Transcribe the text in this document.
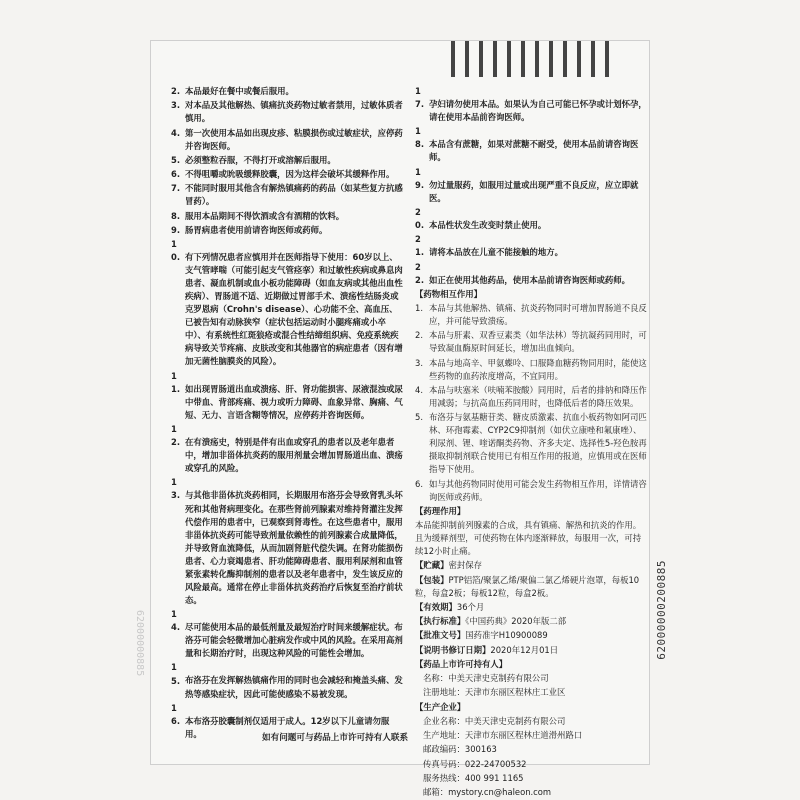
2. 本品最好在餐中或餐后服用。

3. 对本品及其他解热、镇痛抗炎药物过敏者禁用，过敏体质者慎用。

4. 第一次使用本品如出现皮疹、粘膜损伤或过敏症状，应停药并咨询医师。

5. 必须整粒吞服，不得打开或溶解后服用。

6. 不得咀嚼或吮吸缓释胶囊，因为这样会破坏其缓释作用。

7. 不能同时服用其他含有解热镇痛药的药品（如某些复方抗感冒药）。

8. 服用本品期间不得饮酒或含有酒精的饮料。

9. 肠胃病患者使用前请咨询医师或药师。

10. 有下列情况患者应慎用并在医师指导下使用：60岁以上、支气管哮喘（可能引起支气管痉挛）和过敏性疾病或鼻息肉患者、凝血机制或血小板功能障碍（如血友病或其他出血性疾病）、胃肠道不适、近期做过胃部手术、溃疡性结肠炎或克罗恩病（Crohn's disease）、心功能不全、高血压、已被告知有动脉狭窄（症状包括运动时小腿疼痛或小卒中）、有系统性红斑狼疮或混合性结缔组织病、免疫系统疾病导致关节疼痛、皮肤改变和其他器官的病症患者（因有增加无菌性脑膜炎的风险）。

11. 如出现胃肠道出血或溃疡、肝、肾功能损害、尿液混浊或尿中带血、背部疼痛、视力或听力障碍、血象异常、胸痛、气短、无力、言语含糊等情况，应停药并咨询医师。

12. 在有溃疡史，特别是伴有出血或穿孔的患者以及老年患者中，增加非甾体抗炎药的服用剂量会增加胃肠道出血、溃疡或穿孔的风险。

13. 与其他非甾体抗炎药相同，长期服用布洛芬会导致肾乳头坏死和其他肾病理变化。在那些肾前列腺素对维持肾灌注发挥代偿作用的患者中，已观察到肾毒性。在这些患者中，服用非甾体抗炎药可能导致剂量依赖性的前列腺素合成量降低，并导致肾血流降低，从而加剧肾脏代偿失调。在肾功能损伤患者、心力衰竭患者、肝功能障碍患者、服用利尿剂和血管紧张素转化酶抑制剂的患者以及老年患者中，发生该反应的风险最高。通常在停止非甾体抗炎药治疗后恢复至治疗前状态。

14. 尽可能使用本品的最低剂量及最短治疗时间来缓解症状。布洛芬可能会轻微增加心脏病发作或中风的风险。在采用高剂量和长期治疗时，出现这种风险的可能性会增加。

15. 布洛芬在发挥解热镇痛作用的同时也会减轻和掩盖头痛、发热等感染症状，因此可能使感染不易被发现。

16. 本布洛芬胶囊制剂仅适用于成人。12岁以下儿童请勿服用。

17. 孕妇请勿使用本品。如果认为自己可能已怀孕或计划怀孕，请在使用本品前咨询医师。

18. 本品含有蔗糖，如果对蔗糖不耐受，使用本品前请咨询医师。

19. 勿过量服药，如服用过量或出现严重不良反应，应立即就医。

20. 本品性状发生改变时禁止使用。

21. 请将本品放在儿童不能接触的地方。

22. 如正在使用其他药品，使用本品前请咨询医师或药师。

【药物相互作用】

1. 本品与其他解热、镇痛、抗炎药物同时可增加胃肠道不良反应，并可能导致溃疡。

2. 本品与肝素、双香豆素类（如华法林）等抗凝药同用时，可导致凝血酶原时间延长，增加出血倾向。

3. 本品与地高辛、甲氨蝶呤、口服降血糖药物同用时，能使这些药物的血药浓度增高，不宜同用。

4. 本品与呋塞米（呋喃苯胺酸）同用时，后者的排钠和降压作用减弱；与抗高血压药同用时，也降低后者的降压效果。

5. 布洛芬与氨基糖苷类、糖皮质激素、抗血小板药物如阿司匹林、环孢霉素、CYP2C9抑制剂（如伏立康唑和氟康唑）、利尿剂、锂、喹诺酮类药物、齐多夫定、选择性5-羟色胺再摄取抑制剂联合使用已有相互作用的报道，应慎用或在医师指导下使用。

6. 如与其他药物同时使用可能会发生药物相互作用，详情请咨询医师或药师。

【药理作用】

本品能抑制前列腺素的合成，具有镇痛、解热和抗炎的作用。且为缓释剂型，可使药物在体内逐渐释放，每服用一次，可持续12小时止痛。

【贮藏】密封保存

【包装】PTP铝箔/聚氯乙烯/聚偏二氯乙烯硬片泡罩，每板10粒，每盒2板；每板12粒，每盒2板。

【有效期】36个月

【执行标准】《中国药典》2020年版二部

【批准文号】国药准字H10900089

【说明书修订日期】2020年12月01日

【药品上市许可持有人】

名称：中美天津史克制药有限公司

注册地址：天津市东丽区程林庄工业区

【生产企业】

企业名称：中美天津史克制药有限公司

生产地址：天津市东丽区程林庄道滑州路口

邮政编码：300163

传真号码：022-24700532

服务热线：400 991 1165

邮箱：mystory.cn@haleon.com

如有问题可与药品上市许可持有人联系
62000000200885
62000000885
